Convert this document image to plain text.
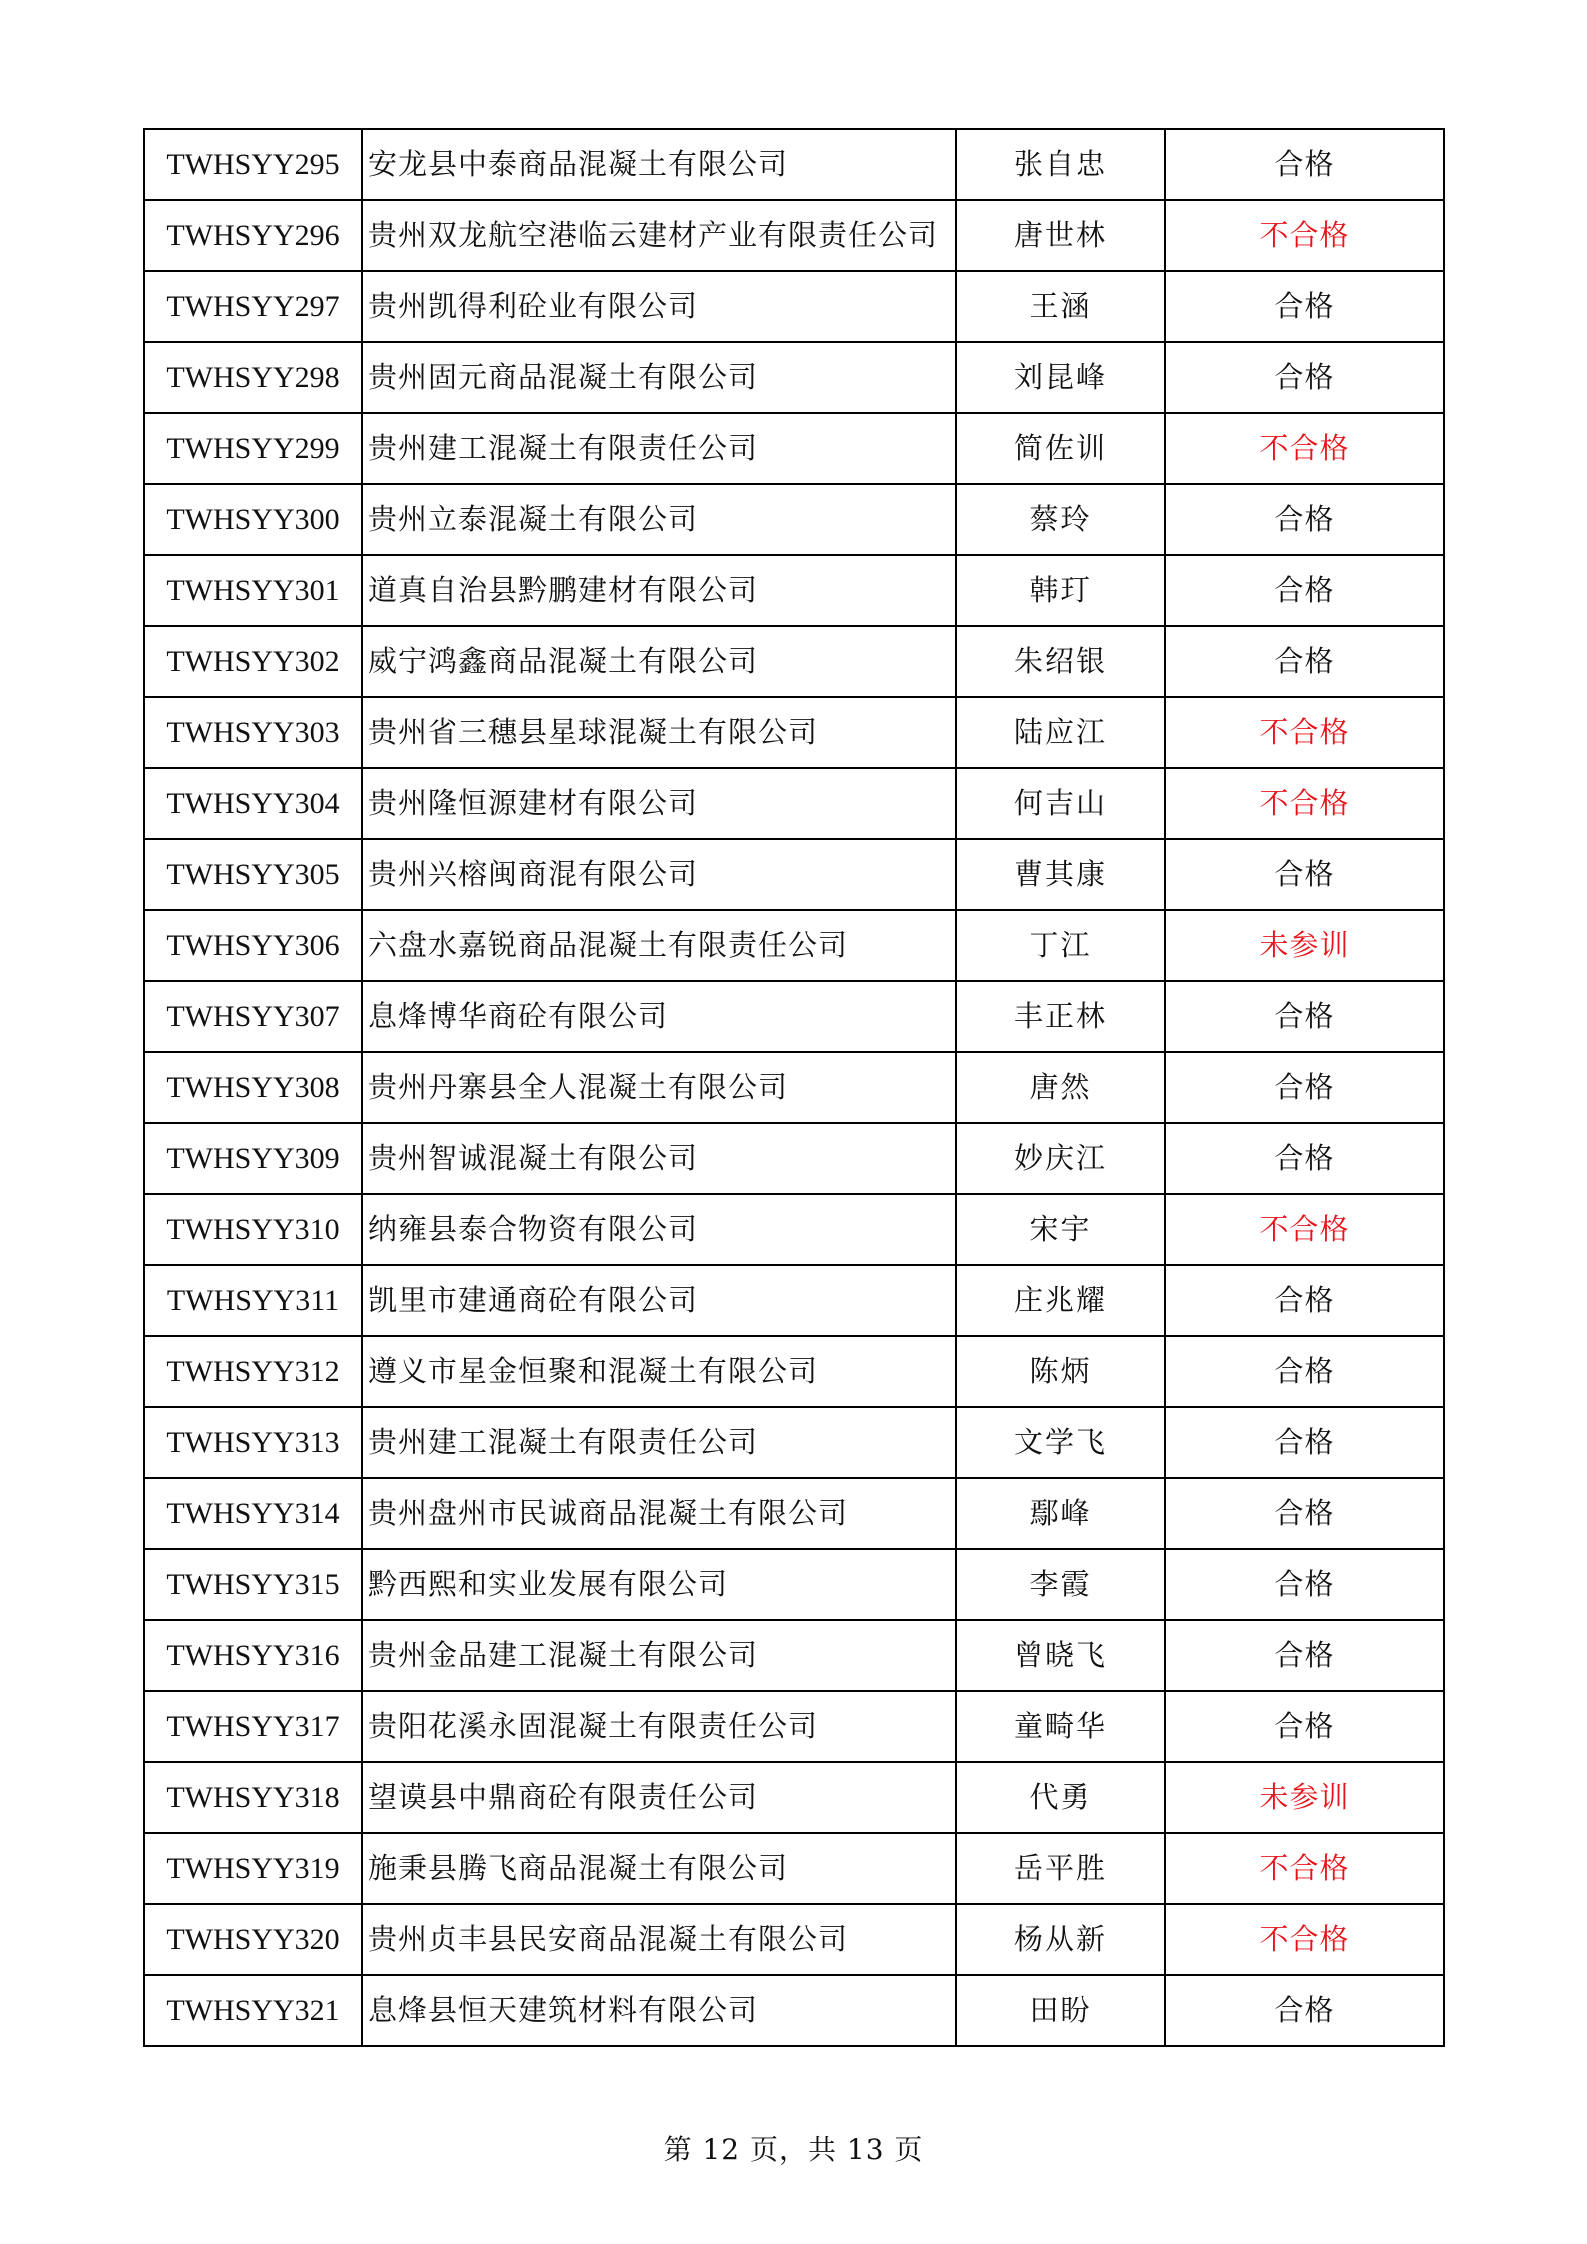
TWHSYY295	安龙县中泰商品混凝土有限公司	张自忠	合格
TWHSYY296	贵州双龙航空港临云建材产业有限责任公司	唐世林	不合格
TWHSYY297	贵州凯得利砼业有限公司	王涵	合格
TWHSYY298	贵州固元商品混凝土有限公司	刘昆峰	合格
TWHSYY299	贵州建工混凝土有限责任公司	简佐训	不合格
TWHSYY300	贵州立泰混凝土有限公司	蔡玲	合格
TWHSYY301	道真自治县黔鹏建材有限公司	韩玎	合格
TWHSYY302	威宁鸿鑫商品混凝土有限公司	朱绍银	合格
TWHSYY303	贵州省三穗县星球混凝土有限公司	陆应江	不合格
TWHSYY304	贵州隆恒源建材有限公司	何吉山	不合格
TWHSYY305	贵州兴榕闽商混有限公司	曹其康	合格
TWHSYY306	六盘水嘉锐商品混凝土有限责任公司	丁江	未参训
TWHSYY307	息烽博华商砼有限公司	丰正林	合格
TWHSYY308	贵州丹寨县全人混凝土有限公司	唐然	合格
TWHSYY309	贵州智诚混凝土有限公司	妙庆江	合格
TWHSYY310	纳雍县泰合物资有限公司	宋宇	不合格
TWHSYY311	凯里市建通商砼有限公司	庄兆耀	合格
TWHSYY312	遵义市星金恒聚和混凝土有限公司	陈炳	合格
TWHSYY313	贵州建工混凝土有限责任公司	文学飞	合格
TWHSYY314	贵州盘州市民诚商品混凝土有限公司	鄢峰	合格
TWHSYY315	黔西熙和实业发展有限公司	李霞	合格
TWHSYY316	贵州金品建工混凝土有限公司	曾晓飞	合格
TWHSYY317	贵阳花溪永固混凝土有限责任公司	童畸华	合格
TWHSYY318	望谟县中鼎商砼有限责任公司	代勇	未参训
TWHSYY319	施秉县腾飞商品混凝土有限公司	岳平胜	不合格
TWHSYY320	贵州贞丰县民安商品混凝土有限公司	杨从新	不合格
TWHSYY321	息烽县恒天建筑材料有限公司	田盼	合格
第 12 页，共 13 页
